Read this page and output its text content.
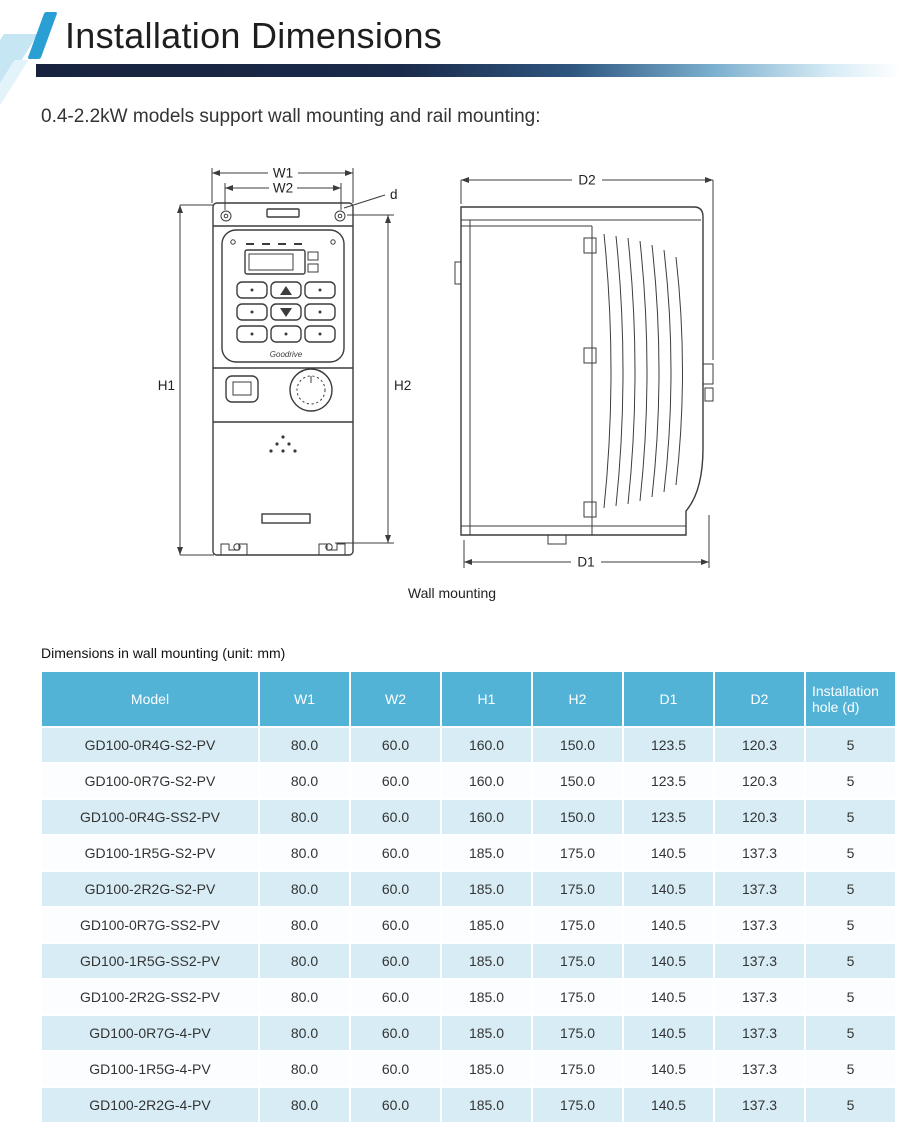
Installation Dimensions

0.4-2.2kW models support wall mounting and rail mounting:

Goodrive
W1
W2	d
H1	H2
D2
D1
Wall mounting

Dimensions in wall mounting (unit: mm)

Model	W1	W2	H1	H2	D1	D2	Installation hole (d)
GD100-0R4G-S2-PV	80.0	60.0	160.0	150.0	123.5	120.3	5
GD100-0R7G-S2-PV	80.0	60.0	160.0	150.0	123.5	120.3	5
GD100-0R4G-SS2-PV	80.0	60.0	160.0	150.0	123.5	120.3	5
GD100-1R5G-S2-PV	80.0	60.0	185.0	175.0	140.5	137.3	5
GD100-2R2G-S2-PV	80.0	60.0	185.0	175.0	140.5	137.3	5
GD100-0R7G-SS2-PV	80.0	60.0	185.0	175.0	140.5	137.3	5
GD100-1R5G-SS2-PV	80.0	60.0	185.0	175.0	140.5	137.3	5
GD100-2R2G-SS2-PV	80.0	60.0	185.0	175.0	140.5	137.3	5
GD100-0R7G-4-PV	80.0	60.0	185.0	175.0	140.5	137.3	5
GD100-1R5G-4-PV	80.0	60.0	185.0	175.0	140.5	137.3	5
GD100-2R2G-4-PV	80.0	60.0	185.0	175.0	140.5	137.3	5
